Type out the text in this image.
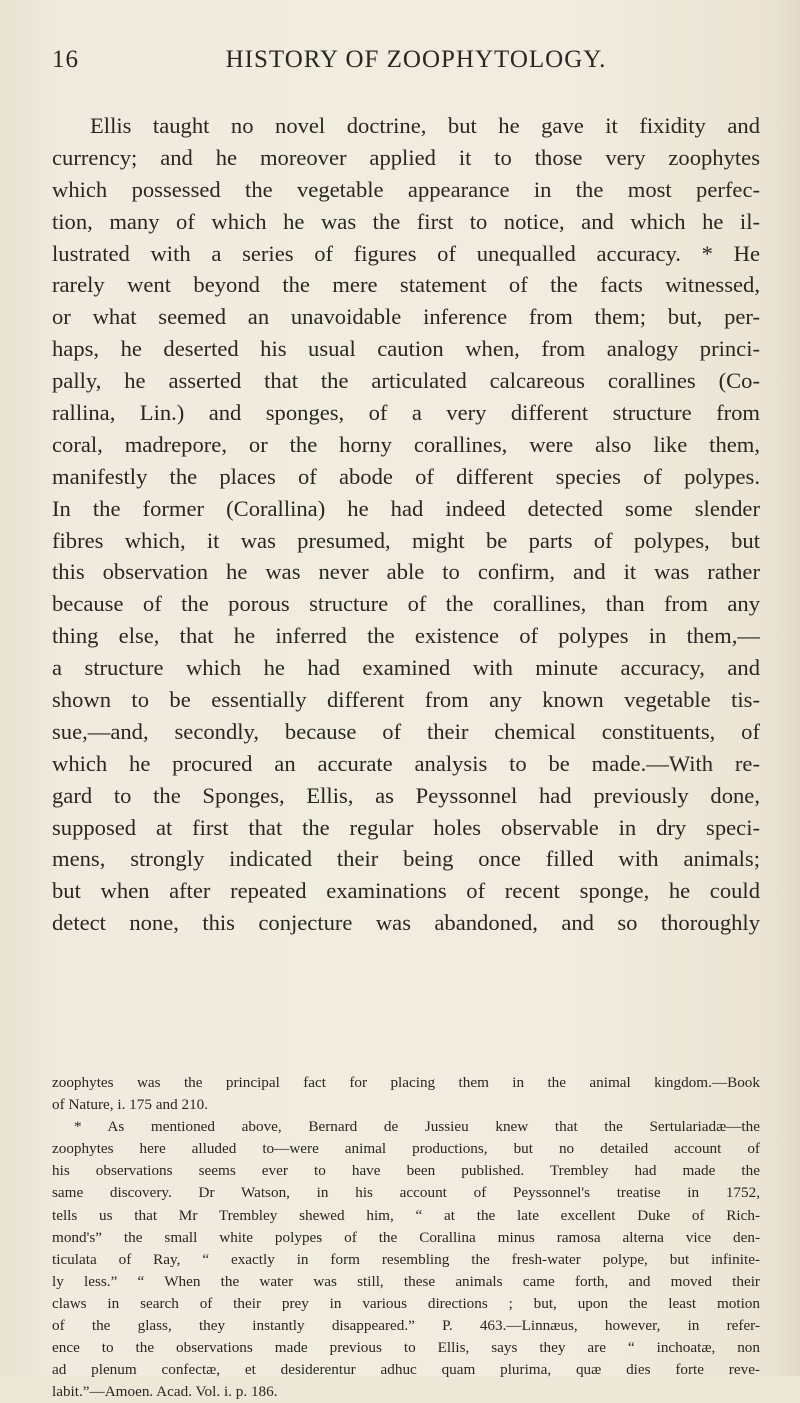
16	HISTORY OF ZOOPHYTOLOGY.
Ellis taught no novel doctrine, but he gave it fixidity and
currency; and he moreover applied it to those very zoophytes
which possessed the vegetable appearance in the most perfec-
tion, many of which he was the first to notice, and which he il-
lustrated with a series of figures of unequalled accuracy. * He
rarely went beyond the mere statement of the facts witnessed,
or what seemed an unavoidable inference from them; but, per-
haps, he deserted his usual caution when, from analogy princi-
pally, he asserted that the articulated calcareous corallines (Co-
rallina, Lin.) and sponges, of a very different structure from
coral, madrepore, or the horny corallines, were also like them,
manifestly the places of abode of different species of polypes.
In the former (Corallina) he had indeed detected some slender
fibres which, it was presumed, might be parts of polypes, but
this observation he was never able to confirm, and it was rather
because of the porous structure of the corallines, than from any
thing else, that he inferred the existence of polypes in them,—
a structure which he had examined with minute accuracy, and
shown to be essentially different from any known vegetable tis-
sue,—and, secondly, because of their chemical constituents, of
which he procured an accurate analysis to be made.—With re-
gard to the Sponges, Ellis, as Peyssonnel had previously done,
supposed at first that the regular holes observable in dry speci-
mens, strongly indicated their being once filled with animals;
but when after repeated examinations of recent sponge, he could
detect none, this conjecture was abandoned, and so thoroughly
zoophytes was the principal fact for placing them in the animal kingdom.—Book
of Nature, i. 175 and 210.
* As mentioned above, Bernard de Jussieu knew that the Sertulariadæ—the
zoophytes here alluded to—were animal productions, but no detailed account of
his observations seems ever to have been published. Trembley had made the
same discovery. Dr Watson, in his account of Peyssonnel's treatise in 1752,
tells us that Mr Trembley shewed him, “ at the late excellent Duke of Rich-
mond's” the small white polypes of the Corallina minus ramosa alterna vice den-
ticulata of Ray, “ exactly in form resembling the fresh-water polype, but infinite-
ly less.” “ When the water was still, these animals came forth, and moved their
claws in search of their prey in various directions ; but, upon the least motion
of the glass, they instantly disappeared.” P. 463.—Linnæus, however, in refer-
ence to the observations made previous to Ellis, says they are “ inchoatæ, non
ad plenum confectæ, et desiderentur adhuc quam plurima, quæ dies forte reve-
labit.”—Amoen. Acad. Vol. i. p. 186.
